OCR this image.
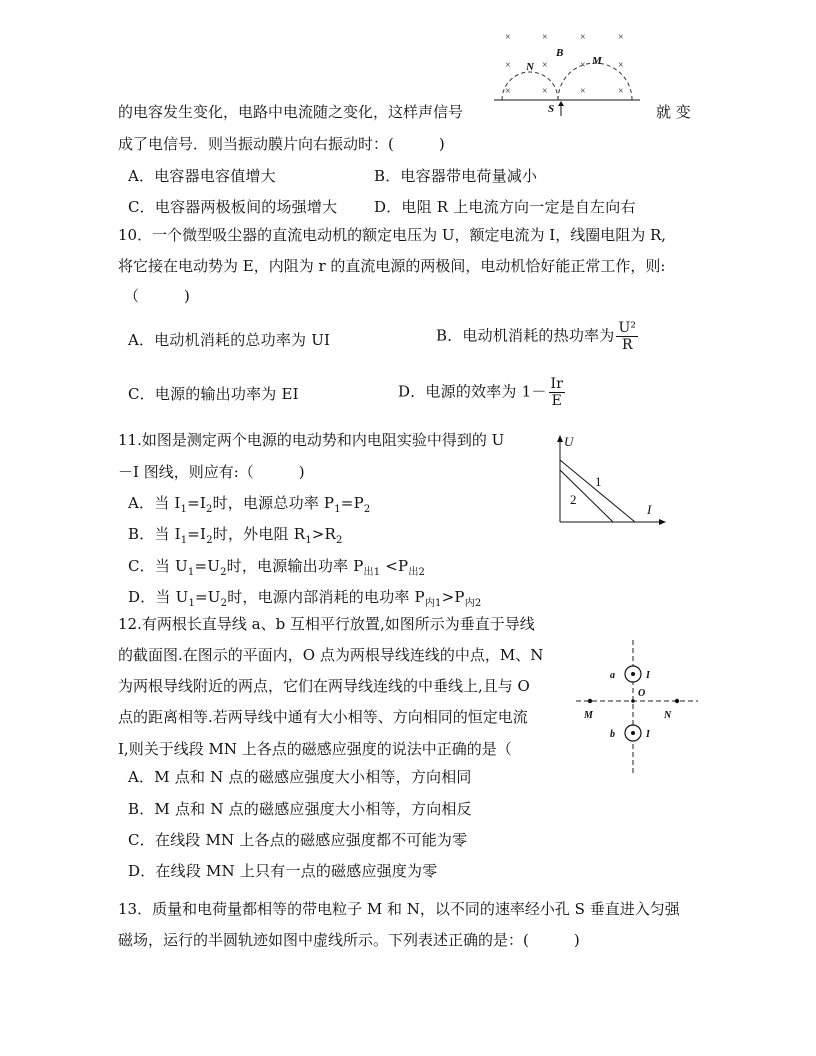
×	×	×	×
×	×	×	×
×	×	×	×
B
N	M
S
的电容发生变化，电路中电流随之变化，这样声信号	就 变
成了电信号．则当振动膜片向右振动时：(　　　)
A．电容器电容值增大	B．电容器带电荷量减小
C．电容器两极板间的场强增大 D．电阻 R 上电流方向一定是自左向右
10．一个微型吸尘器的直流电动机的额定电压为 U，额定电流为 I，线圈电阻为 R,
将它接在电动势为 E，内阻为 r 的直流电源的两极间，电动机恰好能正常工作，则:
（　　　)
A．电动机消耗的总功率为 UI	B．电动机消耗的热功率为 $\frac{\text{U²}}{R}$
C．电源的输出功率为 EI	D．电源的效率为 $1- \frac{Ir}{E}$
11.如图是测定两个电源的电动势和内电阻实验中得到的 U
－I 图线，则应有:（　　　)
A．当 $I_1=I_2$时，电源总功率 $P_1=P_2$
B．当 $I_1=I_2$时，外电阻 $R_1>R_2$
C．当 $U_1=U_2$时，电源输出功率 $P_{出1} <P_{出2}$
D．当 $U_1=U_2$时，电源内部消耗的电功率 $P_{内1}>P_{内2}$
U
I
1
2
12.有两根长直导线 a、b 互相平行放置,如图所示为垂直于导线
的截面图.在图示的平面内，O 点为两根导线连线的中点，M、N
为两根导线附近的两点，它们在两导线连线的中垂线上,且与 O
点的距离相等.若两导线中通有大小相等、方向相同的恒定电流
I,则关于线段 MN 上各点的磁感应强度的说法中正确的是（
A．M 点和 N 点的磁感应强度大小相等，方向相同
B．M 点和 N 点的磁感应强度大小相等，方向相反
C．在线段 MN 上各点的磁感应强度都不可能为零
D．在线段 MN 上只有一点的磁感应强度为零
a	I
b	I
O
M	N
13．质量和电荷量都相等的带电粒子 M 和 N，以不同的速率经小孔 S 垂直进入匀强
磁场，运行的半圆轨迹如图中虚线所示。下列表述正确的是：(　　　)
